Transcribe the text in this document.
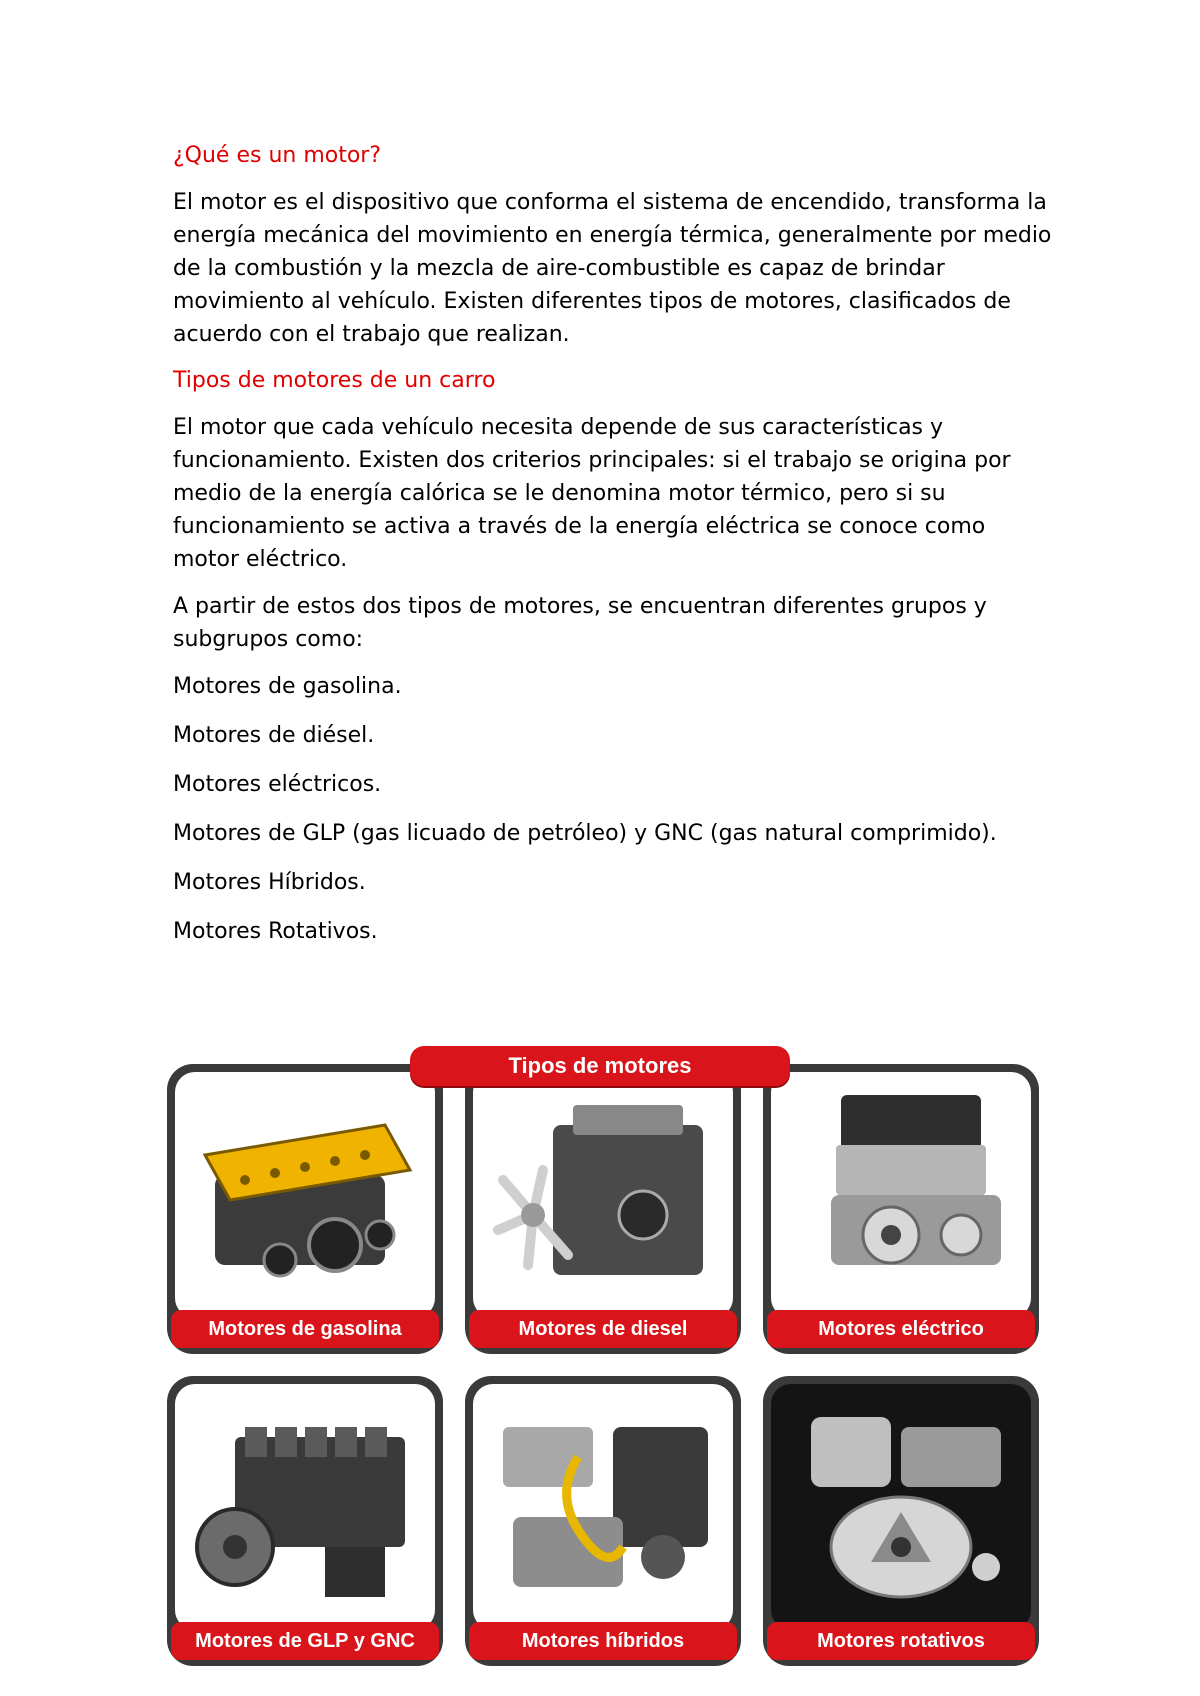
¿Qué es un motor?

El motor es el dispositivo que conforma el sistema de encendido, transforma la energía mecánica del movimiento en energía térmica, generalmente por medio de la combustión y la mezcla de aire-combustible es capaz de brindar movimiento al vehículo. Existen diferentes tipos de motores, clasificados de acuerdo con el trabajo que realizan.

Tipos de motores de un carro

El motor que cada vehículo necesita depende de sus características y funcionamiento. Existen dos criterios principales: si el trabajo se origina por medio de la energía calórica se le denomina motor térmico, pero si su funcionamiento se activa a través de la energía eléctrica se conoce como motor eléctrico.

A partir de estos dos tipos de motores, se encuentran diferentes grupos y subgrupos como:

Motores de gasolina.

Motores de diésel.

Motores eléctricos.

Motores de GLP (gas licuado de petróleo) y GNC (gas natural comprimido).

Motores Híbridos.

Motores Rotativos.

Tipos de motores
Motores de gasolina	Motores de diesel	Motores eléctrico
Motores de GLP y GNC	Motores híbridos	Motores rotativos
